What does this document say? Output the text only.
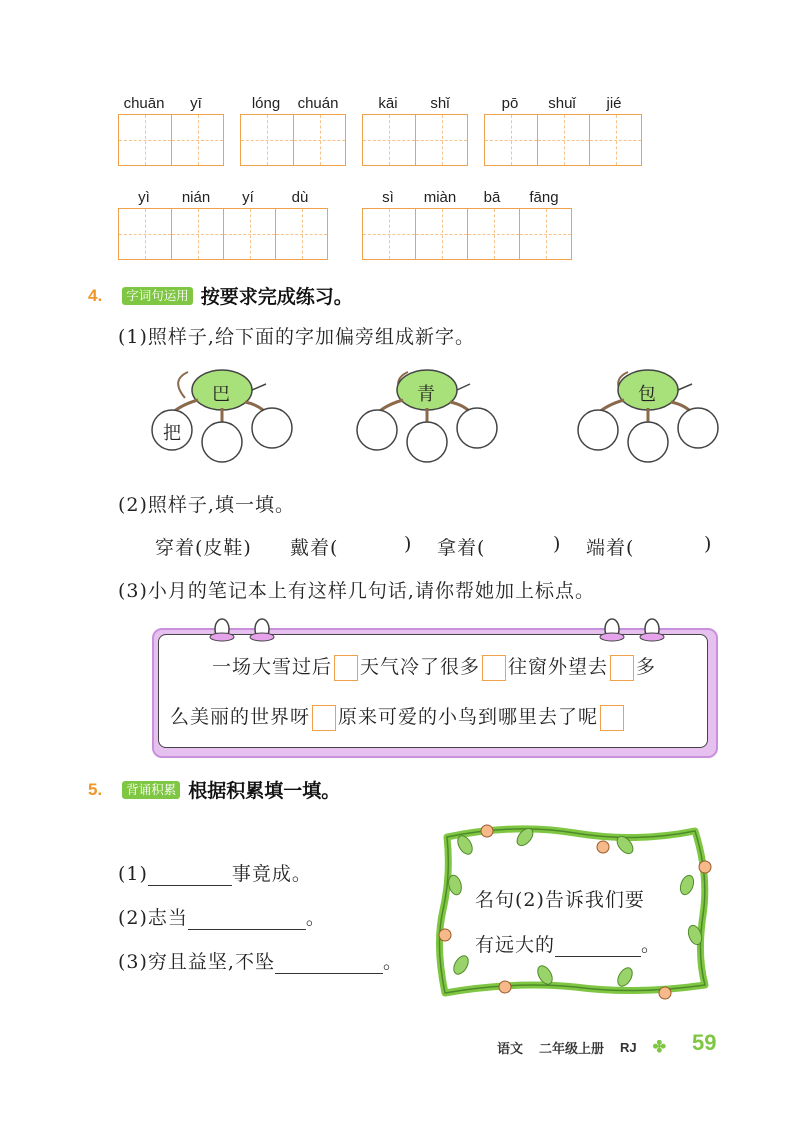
chuān	yī	lóng	chuán	kāi	shǐ	pō	shuǐ	jié
yì	nián	yí	dù	sì	miàn	bā	fāng
4.	字词句运用 按要求完成练习。
(1)照样子,给下面的字加偏旁组成新字。
巴	青	包
把
(2)照样子,填一填。
穿着(皮鞋) 戴着(	) 拿着(	) 端着(	)
(3)小月的笔记本上有这样几句话,请你帮她加上标点。
一场大雪过后 天气冷了很多 往窗外望去 多
么美丽的世界呀 原来可爱的小鸟到哪里去了呢
5.	背诵积累 根据积累填一填。
(1)	事竟成。
(2)志当	。
(3)穷且益坚,不坠	。
名句(2)告诉我们要
有远大的	。
语文 二年级上册 RJ ✤ 59
